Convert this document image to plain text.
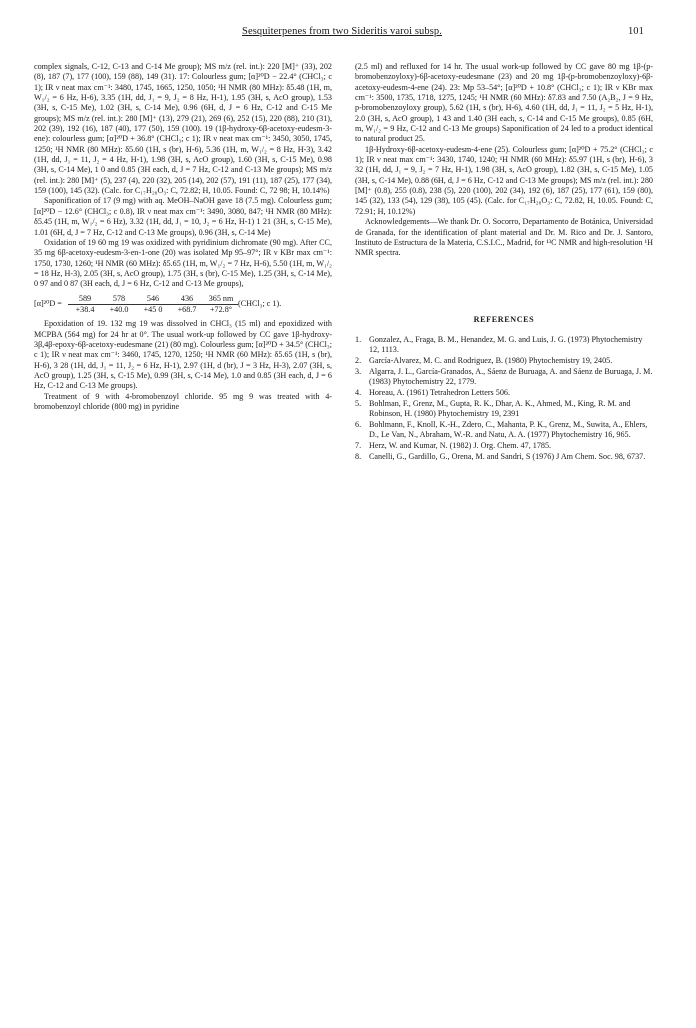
Sesquiterpenes from two Sideritis varoi subsp.	101

complex signals, C-12, C-13 and C-14 Me group); MS m/z (rel. int.): 220 [M]⁺ (33), 202 (8), 187 (7), 177 (100), 159 (88), 149 (31). 17: Colourless gum; [α]²⁰D − 22.4° (CHCl₃; c 1); IR ν neat max cm⁻¹: 3480, 1745, 1665, 1250, 1050; ¹H NMR (80 MHz): δ5.48 (1H, m, W₁/₂ = 6 Hz, H-6), 3.35 (1H, dd, J₁ = 9, J₂ = 8 Hz, H-1), 1.95 (3H, s, AcO group), 1.53 (3H, s, C-15 Me), 1.02 (3H, s, C-14 Me), 0.96 (6H, d, J = 6 Hz, C-12 and C-15 Me groups); MS m/z (rel. int.): 280 [M]⁺ (13), 279 (21), 269 (6), 252 (15), 220 (88), 210 (31), 202 (39), 192 (16), 187 (40), 177 (50), 159 (100). 19 (1β-hydroxy-6β-acetoxy-eudesm-3-ene): colourless gum; [α]²⁰D + 36.8° (CHCl₃; c 1); IR ν neat max cm⁻¹: 3450, 3050, 1745, 1250; ¹H NMR (80 MHz): δ5.60 (1H, s (br), H-6), 5.36 (1H, m, W₁/₂ = 8 Hz, H-3), 3.42 (1H, dd, J₁ = 11, J₂ = 4 Hz, H-1), 1.98 (3H, s, AcO group), 1.60 (3H, s, C-15 Me), 0.98 (3H, s, C-14 Me), 1 0 and 0.85 (3H each, d, J = 7 Hz, C-12 and C-13 Me groups); MS m/z (rel. int.): 280 [M]⁺ (5), 237 (4), 220 (32), 205 (14), 202 (57), 191 (11), 187 (25), 177 (34), 159 (100), 145 (32). (Calc. for C₁₇H₂₈O₃: C, 72.82; H, 10.05. Found: C, 72 98; H, 10.14%)

Saponification of 17 (9 mg) with aq. MeOH–NaOH gave 18 (7.5 mg). Colourless gum; [α]²⁰D − 12.6° (CHCl₃; c 0.8), IR ν neat max cm⁻¹: 3490, 3080, 847; ¹H NMR (80 MHz): δ5.45 (1H, m, W₁/₂ = 6 Hz), 3.32 (1H, dd, J₁ = 10, J₂ = 6 Hz, H-1) 1 21 (3H, s, C-15 Me), 1.01 (6H, d, J = 7 Hz, C-12 and C-13 Me groups), 0.96 (3H, s, C-14 Me)

Oxidation of 19 60 mg 19 was oxidized with pyridinium dichromate (90 mg). After CC, 35 mg 6β-acetoxy-eudesm-3-en-1-one (20) was isolated Mp 95–97°; IR ν KBr max cm⁻¹: 1750, 1730, 1260; ¹H NMR (60 MHz): δ5.65 (1H, m, W₁/₂ = 7 Hz, H-6), 5.50 (1H, m, W₁/₂ = 18 Hz, H-3), 2.05 (3H, s, AcO group), 1.75 (3H, s (br), C-15 Me), 1.25 (3H, s, C-14 Me), 0 97 and 0 87 (3H each, d, J = 6 Hz, C-12 and C-13 Me groups),

[α]²⁰D =
589	578	546	436	365 nm
(CHCl₃; c 1).
+38.4	+40.0	+45 0	+68.7	+72.8°

Epoxidation of 19. 132 mg 19 was dissolved in CHCl₃ (15 ml) and epoxidized with MCPBA (564 mg) for 24 hr at 0°. The usual work-up followed by CC gave 1β-hydroxy-3β,4β-epoxy-6β-acetoxy-eudesmane (21) (80 mg). Colourless gum; [α]²⁰D + 34.5° (CHCl₃; c 1); IR ν neat max cm⁻¹: 3460, 1745, 1270, 1250; ¹H NMR (60 MHz): δ5.65 (1H, s (br), H-6), 3 28 (1H, dd, J₁ = 11, J₂ = 6 Hz, H-1), 2.97 (1H, d (br), J = 3 Hz, H-3), 2.07 (3H, s, AcO group), 1.25 (3H, s, C-15 Me), 0.99 (3H, s, C-14 Me), 1.0 and 0.85 (3H each, d, J = 6 Hz, C-12 and C-13 Me groups).

Treatment of 9 with 4-bromobenzoyl chloride. 95 mg 9 was treated with 4-bromobenzoyl chloride (800 mg) in pyridine

(2.5 ml) and refluxed for 14 hr. The usual work-up followed by CC gave 80 mg 1β-(p-bromobenzoyloxy)-6β-acetoxy-eudesmane (23) and 20 mg 1β-(p-bromobenzoyloxy)-6β-acetoxy-eudesm-4-ene (24). 23: Mp 53–54°; [α]²⁰D + 10.8° (CHCl₃; c 1); IR ν KBr max cm⁻¹: 3500, 1735, 1718, 1275, 1245; ¹H NMR (60 MHz): δ7.83 and 7.50 (A₂B₂, J = 9 Hz, p-bromobenzoyloxy group), 5.62 (1H, s (br), H-6), 4.60 (1H, dd, J₁ = 11, J₂ = 5 Hz, H-1), 2.0 (3H, s, AcO group), 1 43 and 1.40 (3H each, s, C-14 and C-15 Me groups), 0.85 (6H, m, W₁/₂ = 9 Hz, C-12 and C-13 Me groups) Saponification of 24 led to a product identical to natural product 25.

1β-Hydroxy-6β-acetoxy-eudesm-4-ene (25). Colourless gum; [α]²⁰D + 75.2° (CHCl₃; c 1); IR ν neat max cm⁻¹: 3430, 1740, 1240; ¹H NMR (60 MHz): δ5.97 (1H, s (br), H-6), 3 32 (1H, dd, J₁ = 9, J₂ = 7 Hz, H-1), 1.98 (3H, s, AcO group), 1.82 (3H, s, C-15 Me), 1.05 (3H, s, C-14 Me), 0.88 (6H, d, J = 6 Hz, C-12 and C-13 Me groups); MS m/z (rel. int.): 280 [M]⁺ (0.8), 255 (0.8), 238 (5), 220 (100), 202 (34), 192 (6), 187 (25), 177 (61), 159 (80), 145 (32), 133 (54), 129 (38), 105 (45). (Calc. for C₁₇H₂₈O₃: C, 72.82, H, 10.05. Found: C, 72.91; H, 10.12%)

Acknowledgements—We thank Dr. O. Socorro, Departamento de Botánica, Universidad de Granada, for the identification of plant material and Dr. M. Rico and Dr. J. Santoro, Instituto de Estructura de la Materia, C.S.I.C., Madrid, for ¹³C NMR and high-resolution ¹H NMR spectra.

REFERENCES
1. Gonzalez, A., Fraga, B. M., Henandez, M. G. and Luis, J. G. (1973) Phytochemistry 12, 1113.
2. García-Alvarez, M. C. and Rodriguez, B. (1980) Phytochemistry 19, 2405.
3. Algarra, J. L., García-Granados, A., Sáenz de Buruaga, A. and Sáenz de Buruaga, J. M. (1983) Phytochemistry 22, 1779.
4. Horeau, A. (1961) Tetrahedron Letters 506.
5. Bohlman, F., Grenz, M., Gupta, R. K., Dhar, A. K., Ahmed, M., King, R. M. and Robinson, H. (1980) Phytochemistry 19, 2391
6. Bohlmann, F., Knoll, K.-H., Zdero, C., Mahanta, P. K., Grenz, M., Suwita, A., Ehlers, D., Le Van, N., Abraham, W.-R. and Natu, A. A. (1977) Phytochemistry 16, 965.
7. Herz, W. and Kumar, N. (1982) J. Org. Chem. 47, 1785.
8. Canelli, G., Gardillo, G., Orena, M. and Sandri, S (1976) J Am Chem. Soc. 98, 6737.
